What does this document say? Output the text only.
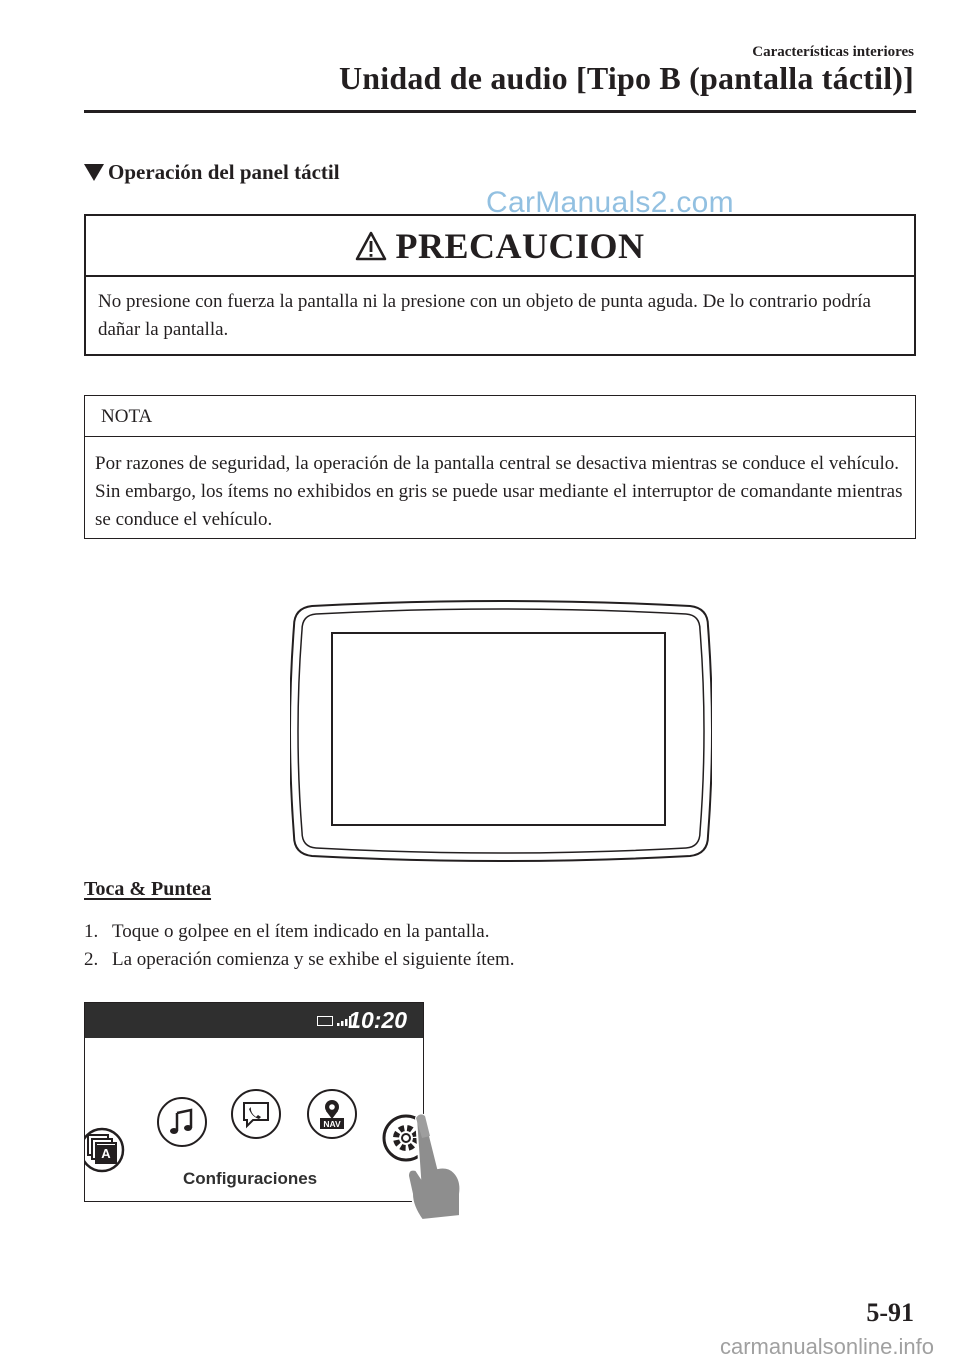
Características interiores
Unidad de audio [Tipo B (pantalla táctil)]
Operación del panel táctil
CarManuals2.com
PRECAUCION
No presione con fuerza la pantalla ni la presione con un objeto de punta aguda. De lo contrario podría dañar la pantalla.
NOTA
Por razones de seguridad, la operación de la pantalla central se desactiva mientras se conduce el vehículo. Sin embargo, los ítems no exhibidos en gris se puede usar mediante el interruptor de comandante mientras se conduce el vehículo.
Toca & Puntea
1. Toque o golpee en el ítem indicado en la pantalla.
2. La operación comienza y se exhibe el siguiente ítem.
10:20
A
NAV
Configuraciones
5-91
carmanualsonline.info
